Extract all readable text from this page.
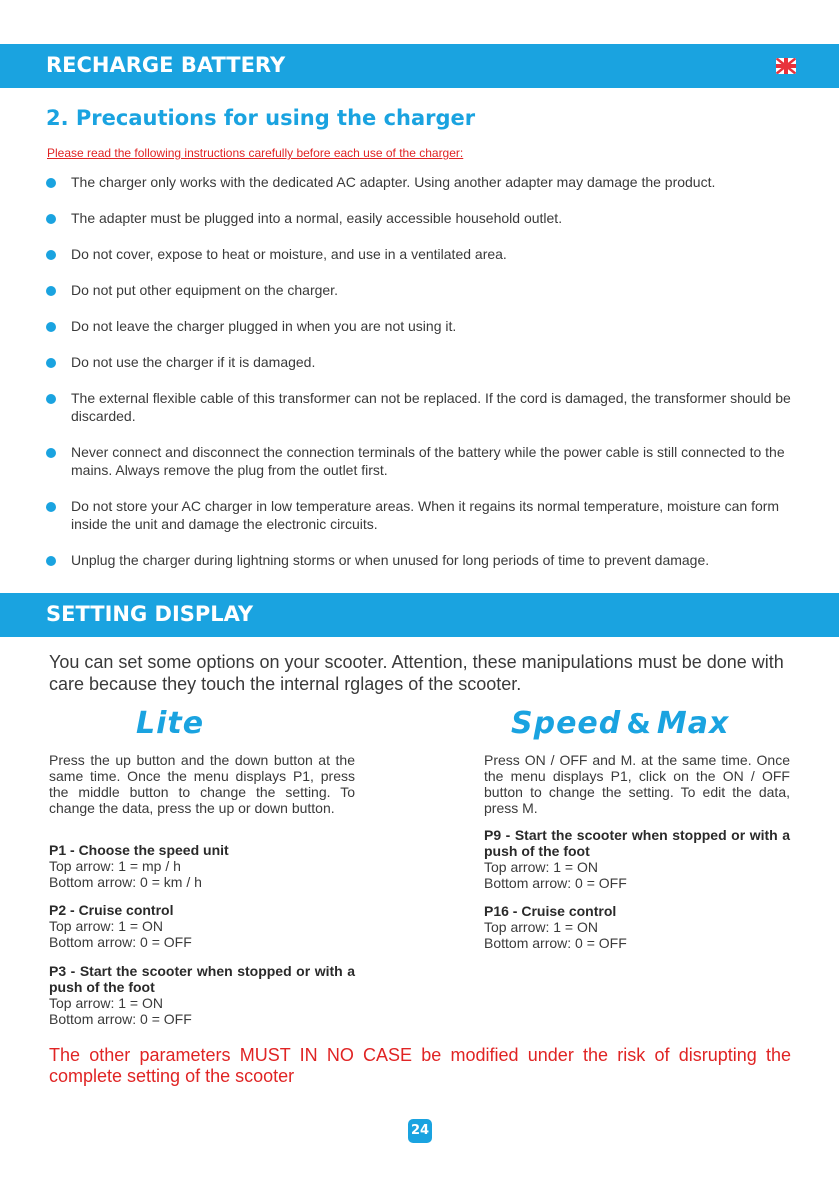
RECHARGE BATTERY
2. Precautions for using the charger
Please read the following instructions carefully before each use of the charger:
The charger only works with the dedicated AC adapter. Using another adapter may damage the product.
The adapter must be plugged into a normal, easily accessible household outlet.
Do not cover, expose to heat or moisture, and use in a ventilated area.
Do not put other equipment on the charger.
Do not leave the charger plugged in when you are not using it.
Do not use the charger if it is damaged.
The external flexible cable of this transformer can not be replaced. If the cord is damaged, the transformer should be discarded.
Never connect and disconnect the connection terminals of the battery while the power cable is still connected to the mains. Always remove the plug from the outlet first.
Do not store your AC charger in low temperature areas. When it regains its normal temperature, moisture can form inside the unit and damage the electronic circuits.
Unplug the charger during lightning storms or when unused for long periods of time to prevent damage.
SETTING DISPLAY
You can set some options on your scooter. Attention, these manipulations must be done with care because they touch the internal rglages of the scooter.
Lite	Speed & Max
Press the up button and the down button at the same time. Once the menu displays P1, press the middle button to change the setting. To change the data, press the up or down button.
P1 - Choose the speed unit
Top arrow: 1 = mp / h
Bottom arrow: 0 = km / h
P2 - Cruise control
Top arrow: 1 = ON
Bottom arrow: 0 = OFF
P3 - Start the scooter when stopped or with a push of the foot
Top arrow: 1 = ON
Bottom arrow: 0 = OFF
Press ON / OFF and M. at the same time. Once the menu displays P1, click on the ON / OFF button to change the setting. To edit the data, press M.
P9 - Start the scooter when stopped or with a push of the foot
Top arrow: 1 = ON
Bottom arrow: 0 = OFF
P16 - Cruise control
Top arrow: 1 = ON
Bottom arrow: 0 = OFF
The other parameters MUST IN NO CASE be modified under the risk of disrupting the complete setting of the scooter
24
